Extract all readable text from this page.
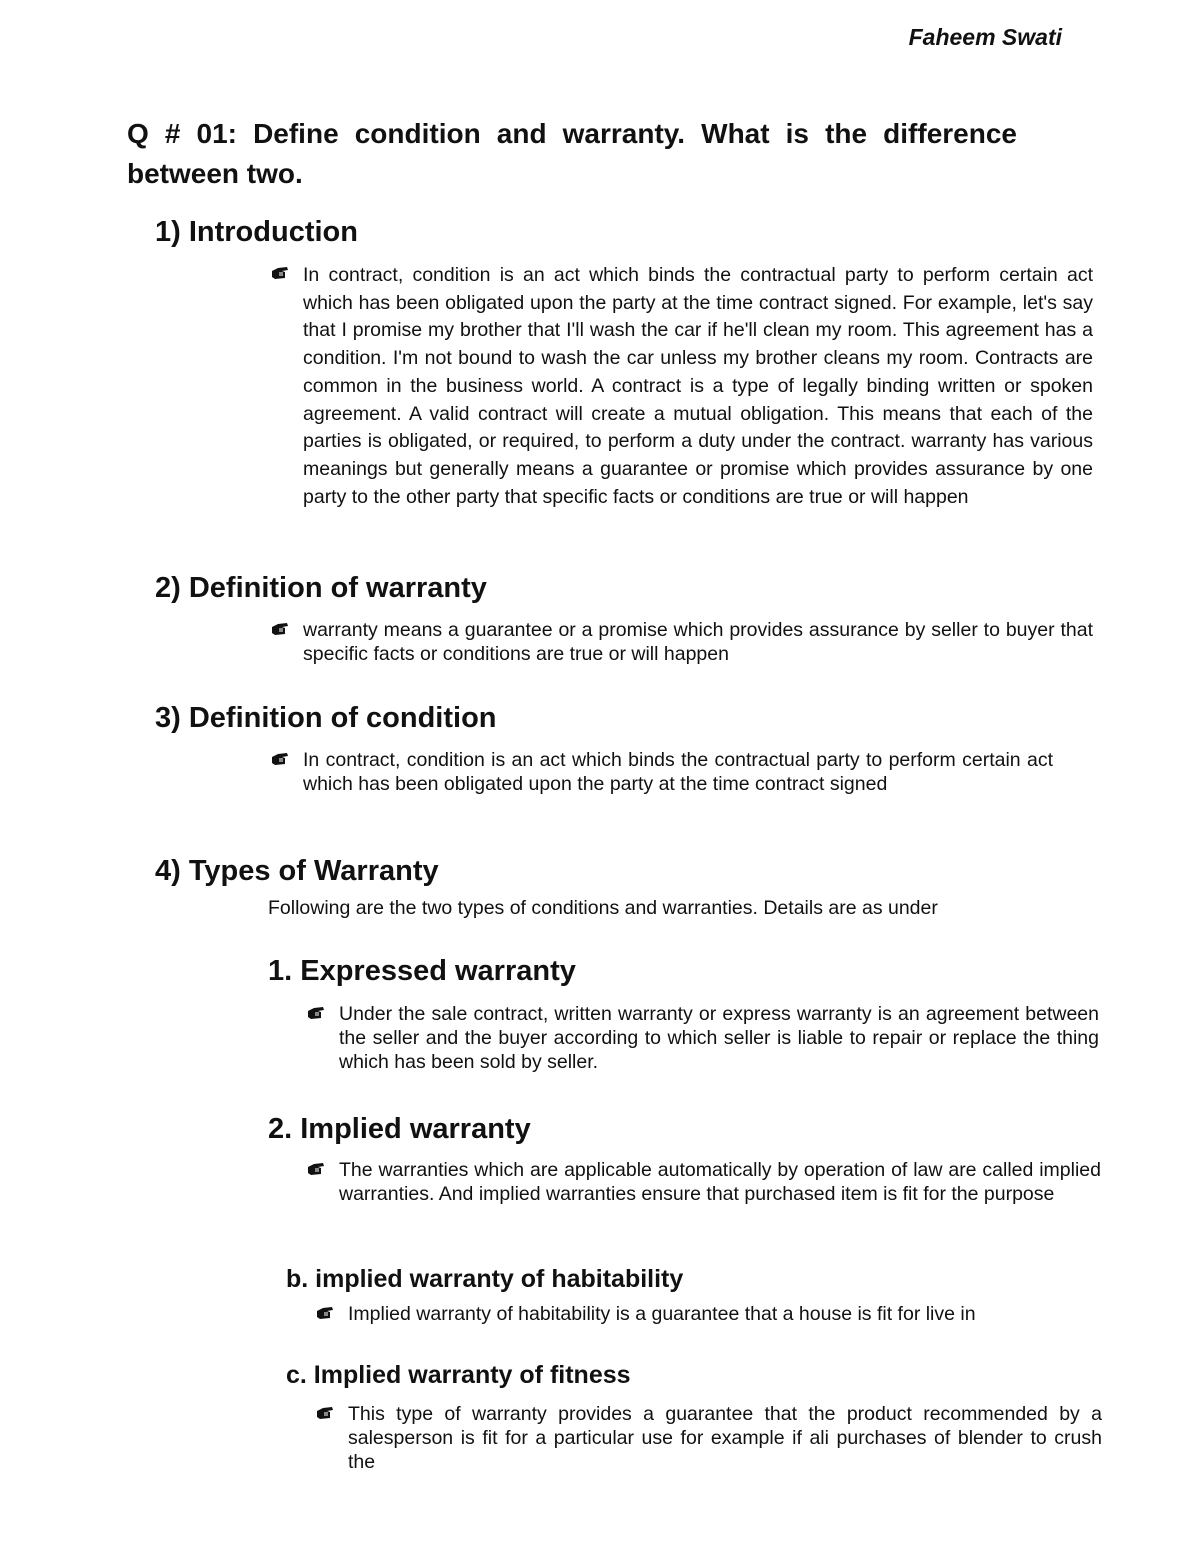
Faheem Swati
Q # 01: Define condition and warranty. What is the difference between two.
1) Introduction
In contract, condition is an act which binds the contractual party to perform certain act which has been obligated upon the party at the time contract signed. For example, let's say that I promise my brother that I'll wash the car if he'll clean my room. This agreement has a condition. I'm not bound to wash the car unless my brother cleans my room. Contracts are common in the business world. A contract is a type of legally binding written or spoken agreement. A valid contract will create a mutual obligation. This means that each of the parties is obligated, or required, to perform a duty under the contract. warranty has various meanings but generally means a guarantee or promise which provides assurance by one party to the other party that specific facts or conditions are true or will happen
2) Definition of warranty
warranty means a guarantee or a promise which provides assurance by seller to buyer that specific facts or conditions are true or will happen
3) Definition of condition
In contract, condition is an act which binds the contractual party to perform certain act which has been obligated upon the party at the time contract signed
4) Types of Warranty
Following are the two types of conditions and warranties. Details are as under
1. Expressed warranty
Under the sale contract, written warranty or express warranty is an agreement between the seller and the buyer according to which seller is liable to repair or replace the thing which has been sold by seller.
2. Implied warranty
The warranties which are applicable automatically by operation of law are called implied warranties. And implied warranties ensure that purchased item is fit for the purpose
b. implied warranty of habitability
Implied warranty of habitability is a guarantee that a house is fit for live in
c. Implied warranty of fitness
This type of warranty provides a guarantee that the product recommended by a salesperson is fit for a particular use for example if ali purchases of blender to crush the
